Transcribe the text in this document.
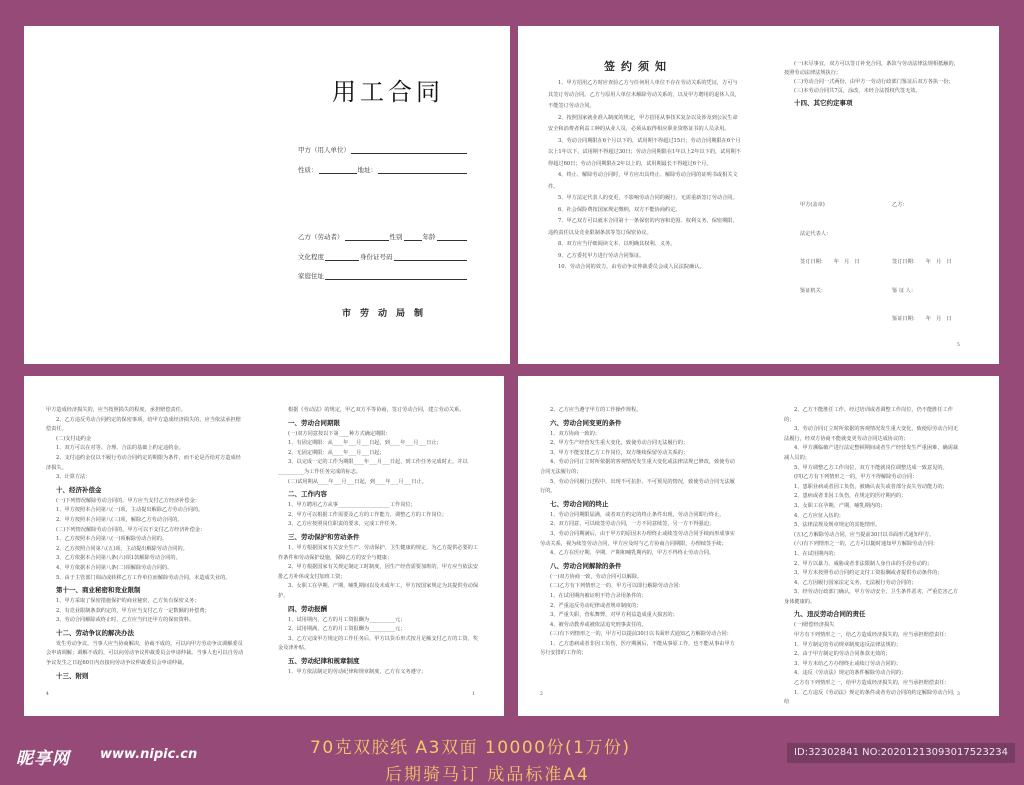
用工合同
甲方（用人单位）
性质：	地址：
乙方（劳动者）	性别	年龄
文化程度	身份证号码
家庭住址
市劳动局制
签约须知

1、甲方招用乙方时应查验乙方与任何用人单位不存在劳动关系的凭证，方可与其签订劳动合同。乙方与原用人单位未解除劳动关系的，以及甲方聘用的退休人员，不能签订劳动合同。

2、按照国家就业准入制度的规定，甲方招用从事技术复杂以及涉及到公民生命安全和消费者利益工种的从业人员，必须从取得相应职业资格证书的人员录用。

3、劳动合同期限在6个月以下的，试用期不得超过15日；劳动合同期限在6个月以上1年以下，试用期不得超过30日；劳动合同期限在1年以上2年以下的，试用期不得超过60日；劳动合同期限在2年以上的，试用期最长不得超过6个月。

4、终止、解除劳动合同时，甲方应出具终止、解除劳动合同的证明书或相关文件。

5、甲方法定代表人的变更，不影响劳动合同的履行，无需重新签订劳动合同。

6、社会保险费按国家规定缴纳，双方不能协商约定。

7、甲乙双方可以就本合同第十一条保密的内容和范围、权利义务、保密期限、违约责任以及竞业限制条款等签订保密协议。

8、双方应当仔细阅读文本，以明确其权利、义务。

9、乙方委托甲方进行劳动合同鉴证。

10、劳动合同的效力，由劳动争议仲裁委员会或人民法院确认。

(一)未尽事宜，双方可以签订补充合同，条款与劳动法律法规相抵触的，按照劳动法律法规执行；

(二)劳动合同一式两份，由甲方一劳动行政部门鉴证后双方各执一份；

(三)本劳动合同共7页，涂改、未经合法授权代签无效。

十四、其它约定事项

甲方(盖章)	乙方：
法定代表人：
签订日期：　　年　月　日	签订日期：　　年　月　日
鉴证机关：	鉴 证 人：
鉴证日期：　　年　月　日
5

甲方造成经济损失的，应当按照损失的程度，承担赔偿责任。

2、乙方违反劳动合同约定的保密事项，给甲方造成经济损失的，应当依法承担赔偿责任。

(二)支付违约金

1、双方可以在对等、合理、合法的基础上约定违约金。

2、支付违约金仅以不履行劳动合同约定的期限为条件，而不论是否给对方造成经济损失。

3、计算方法：

十、经济补偿金

(一)下列情况解除劳动合同的，甲方应当支付乙方经济补偿金：

1、甲方按照本合同第八(一)项，主动提出解除乙方劳动合同的。

2、甲方按照本合同第八(三)项，解除乙方劳动合同的。

(二)下列情况解除劳动合同的，甲方可以不支付乙方经济补偿金：

1、乙方按照本合同第八(一)项解除劳动合同的。

2、乙方按照合同第八(五)项，主动提出解除劳动合同的。

3、乙方依据本合同第八条(六)项1款解除劳动合同的。

4、甲方依据本合同第八条(二)项解除劳动合同的。

5、由于主管部门调动或转移乙方工作单位而解除劳动合同，未造成失业的。

第十一、商业秘密和竞业限制

1、甲方采取了保密措施保护的商业秘密，乙方负有保密义务；

2、有竞业限制条款约定的，甲方应当支付乙方一定数额的补偿费；

3、劳动合同解除或终止时，乙方应当归还甲方的保密资料。

十二、劳动争议的解决办法

发生劳动争议，当事人应当协商解决，协商不成的，可以向甲方劳动争议调解委员会申请调解；调解不成的，可以向劳动争议仲裁委员会申请仲裁。当事人也可以自劳动争议发生之日起60日内直接向劳动争议仲裁委员会申请仲裁。

十三、附则

4

根据《劳动法》的规定，甲乙双方平等协商，签订劳动合同，建立劳动关系。

一、劳动合同期限

(一)双方同意按以下第____种方式确定期限：

1、有固定期限：从____年___月___日起，到____年___月___日止；

2、无固定期限：从____年___月___日起；

3、以完成一定的工作为期限____年___月___日起，到工作任务完成时止，并以__________为工作任务完成的标志。

(二)试用期从____年___月___日起，到____年___月___日止。

二、工作内容

1、甲方聘用乙方从事____________________工作岗位；

2、甲方可以根据工作需要及乙方的工作能力，调整乙方的工作岗位；

3、乙方应按照岗位职责的要求，完成工作任务。

三、劳动保护和劳动条件

1、甲方根据国家有关安全生产、劳动保护、卫生健康的规定，为乙方提供必要的工作条件和劳动保护设施，保障乙方的安全与健康；

2、甲方根据国家有关规定制定工时制度，因生产经营需要加班的，甲方应当依法安排乙方补休或支付加班工资；

3、女职工在孕期、产期、哺乳期间以及未成年工，甲方按国家规定为其提供劳动保护。

四、劳动报酬

1、试用期内，乙方的月工资报酬为__________元；

2、试用期满，乙方的月工资报酬为__________元；

3、乙方完成甲方规定的工作任务后，甲方以货币形式按月足额支付乙方的工资、奖金及津补贴。

五、劳动纪律和规章制度

1、甲方依法制定的劳动纪律和规章制度，乙方有义务遵守；

1

2、乙方应当遵守甲方的工作操作规程。

六、劳动合同变更的条件

1、双方协商一致的；

2、甲方生产经营发生重大变化，致使劳动合同无法履行的；

3、甲方不能安排乙方工作岗位，双方继续保留劳动关系的；

4、劳动合同订立时所依据的客观情况发生重大变化或法律法规已修改，致使劳动合同无法履行的；

5、劳动合同履行过程中，出现不可抗拒、不可预见的情况，致使劳动合同无法履行的。

七、劳动合同的终止

1、劳动合同期限届满，或者双方约定的终止条件出现，劳动合同即行终止。

2、双方同意，可以续签劳动合同，一方不同意续签，另一方不得强迫；

3、劳动合同期满后，由于甲方的原因未办理终止或续签劳动合同手续而形成事实劳动关系，视为续签劳动合同，甲方应及时与乙方协商合同期限，办理续签手续；

4、乙方在医疗期、孕期、产期和哺乳期内的，甲方不得终止劳动合同。

八、劳动合同解除的条件

(一)双方协商一致，劳动合同可以解除。

(二)乙方有下列情形之一的，甲方可以即行解除劳动合同：

1、在试用期内被证明不符合录用条件的；

2、严重违反劳动纪律或者规章制度的；

3、严重失职，营私舞弊，对甲方利益造成重大损害的；

4、被劳动教养或被依法追究刑事责任的。

(三)有下列情形之一的，甲方可以提前30日以书面形式通知乙方解除劳动合同：

1、乙方患病或者非因工负伤，医疗期满后，不能从事原工作，也不能从事由甲方另行安排的工作的；

2

2、乙方不能胜任工作，经过培训或者调整工作岗位，仍不能胜任工作的；

3、劳动合同订立时所依据的客观情况发生重大变化，致使原劳动合同无法履行，经双方协商不能就变更劳动合同达成协议的；

4、甲方濒临破产进行法定整顿期间或者生产经营发生严重困难，确需裁减人员的；

5、甲方调整乙方工作岗位，双方不能就岗位调整达成一致意见的。

(四)乙方有下列情形之一的，甲方不得解除劳动合同：

1、患职业病或者因工负伤，被确认丧失或者部分丧失劳动能力的；

2、患病或者非因工负伤，在规定的医疗期内的；

3、女职工在孕期、产期、哺乳期内的；

4、乙方应征入伍的；

5、法律法规及规章规定的其他情形。

(五)乙方解除劳动合同，应当提前30日以书面形式通知甲方。

(六)有下列情形之一的，乙方可以随时通知甲方解除劳动合同：

1、在试用期内的；

2、甲方以暴力、威胁或者非法限制人身自由的手段劳动的；

3、甲方未按照劳动合同约定支付工资报酬或者提供劳动条件的；

4、乙方因履行国家法定义务，无法履行劳动合同的；

5、经劳动行政部门确认，甲方劳动安全、卫生条件恶劣，严重危害乙方身体健康的。

九、违反劳动合同的责任

(一)赔偿经济损失

甲方有下列情形之一，给乙方造成经济损失的，应当承担赔偿责任：

1、甲方制定的劳动规章制度违反法律法规的；

2、由于甲方制定的劳动合同条款无效的；

3、甲方未给乙方办理终止或续订劳动合同的；

4、违反《劳动法》规定的条件解除劳动合同的；

乙方有下列情形之一，给甲方造成经济损失的，应当承担赔偿责任：

1、乙方违反《劳动法》规定的条件或者劳动合同的约定解除劳动合同，给

3
昵享网 www.nipic.cn	70克双胶纸 A3双面 10000份(1万份)
后期骑马订 成品标准A4
ID:32302841 NO:20201213093017523234
